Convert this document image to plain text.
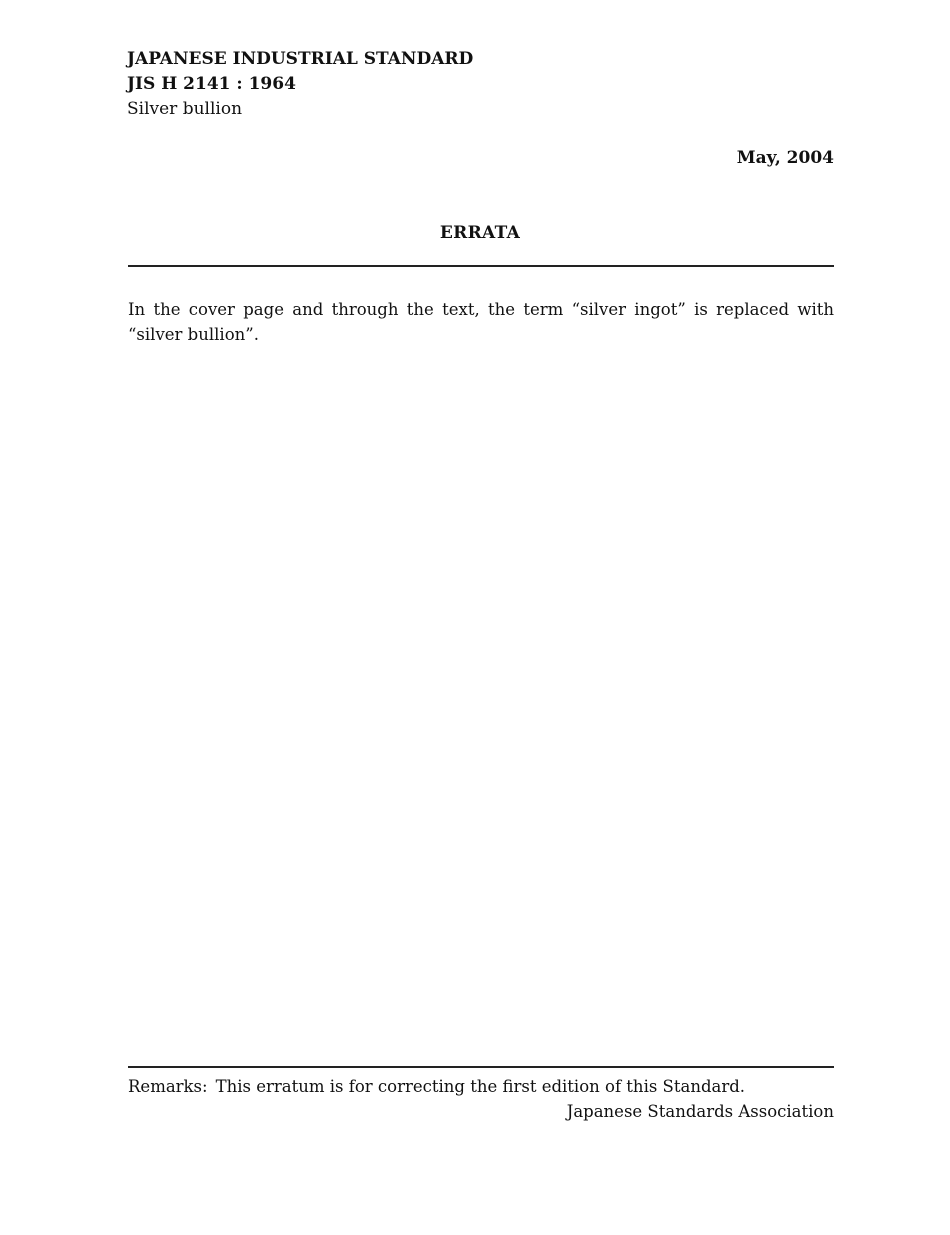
JAPANESE INDUSTRIAL STANDARD
JIS H 2141 : 1964
Silver bullion
May, 2004
ERRATA
In the cover page and through the text, the term “silver ingot” is replaced with “silver bullion”.
Remarks: This erratum is for correcting the first edition of this Standard.
Japanese Standards Association
